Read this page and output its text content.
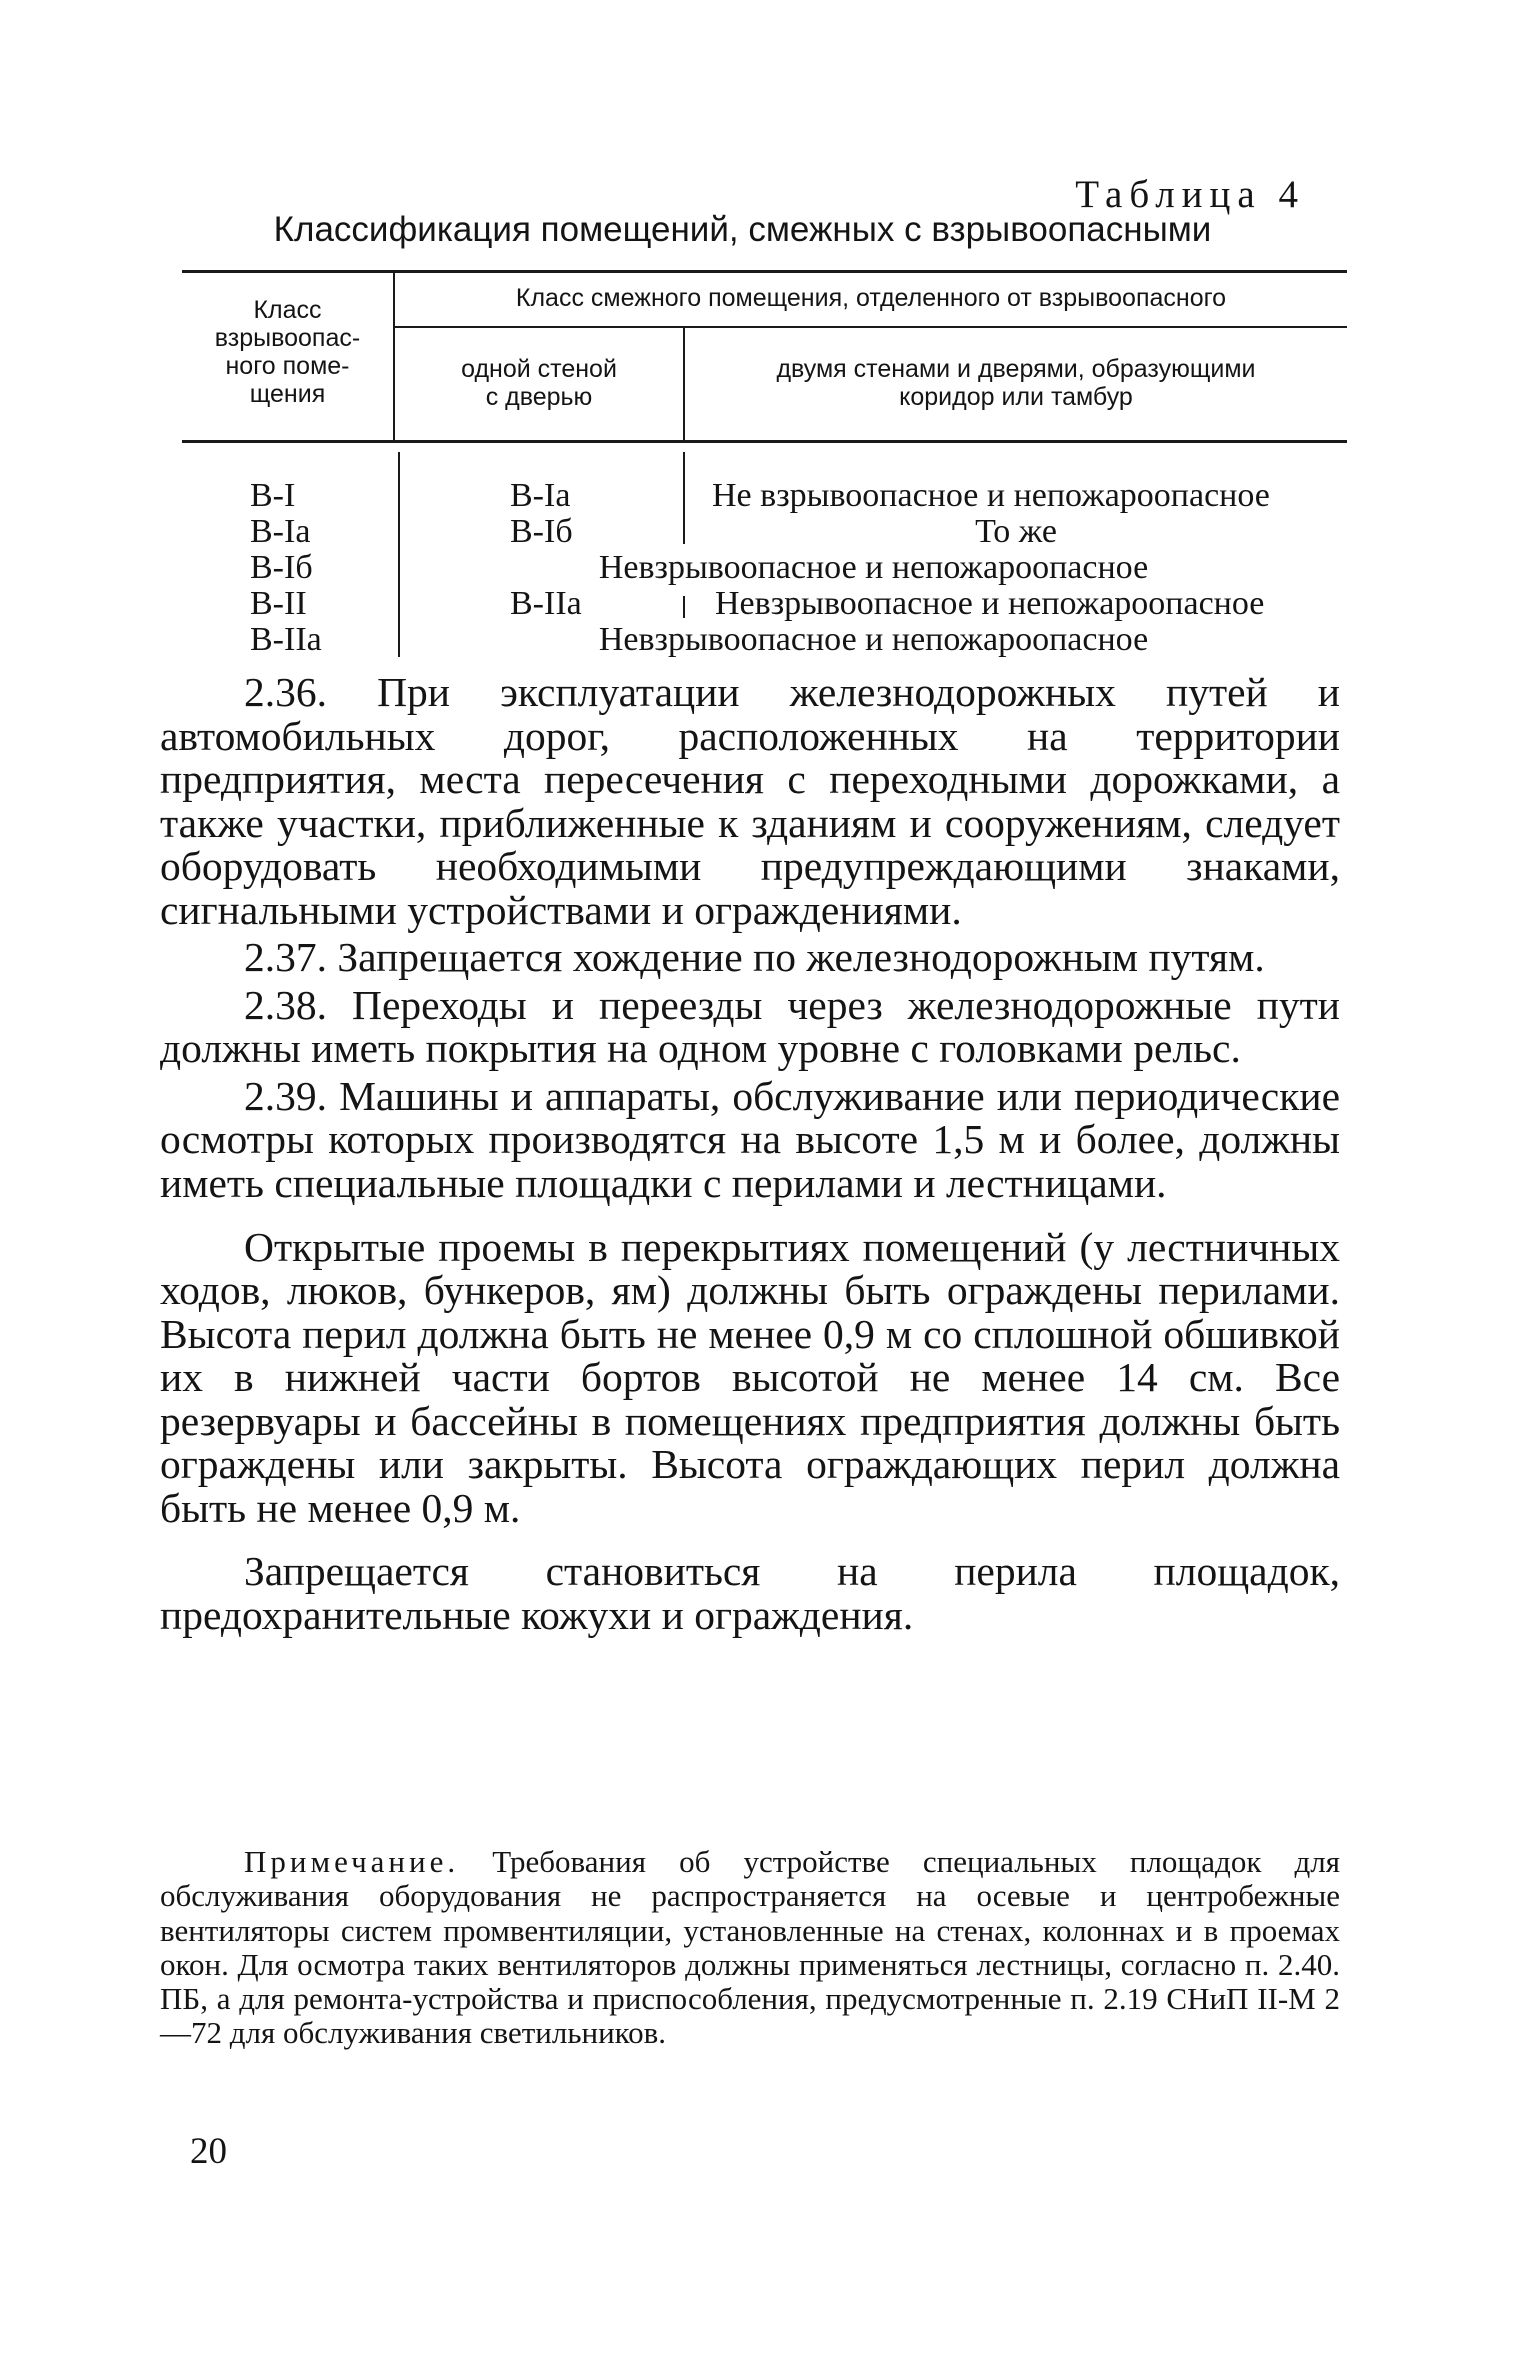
Таблица 4
Классификация помещений, смежных с взрывоопасными
Класс
взрывоопас-
ного поме-
щения
Класс смежного помещения, отделенного от взрывоопасного
одной стеной
с дверью
двумя стенами и дверями, образующими
коридор или тамбур
В-I
В-Iа
В-Iб
В-II
В-IIа
В-Iа
В-Iб
В-IIа
Не взрывоопасное и непожароопасное
То же
Невзрывоопасное и непожароопасное
Невзрывоопасное и непожароопасное
Невзрывоопасное и непожароопасное

2.36. При эксплуатации железнодорожных путей и автомобильных дорог, расположенных на территории предприятия, места пересечения с переходными дорожками, а также участки, приближенные к зданиям и сооружениям, следует оборудовать необходимыми предупреждающими знаками, сигнальными устройствами и ограждениями.

2.37. Запрещается хождение по железнодорожным путям.

2.38. Переходы и переезды через железнодорожные пути должны иметь покрытия на одном уровне с головками рельс.

2.39. Машины и аппараты, обслуживание или периодические осмотры которых производятся на высоте 1,5 м и более, должны иметь специальные площадки с перилами и лестницами.

Открытые проемы в перекрытиях помещений (у лестничных ходов, люков, бункеров, ям) должны быть ограждены перилами. Высота перил должна быть не менее 0,9 м со сплошной обшивкой их в нижней части бортов высотой не менее 14 см. Все резервуары и бассейны в помещениях предприятия должны быть ограждены или закрыты. Высота ограждающих перил должна быть не менее 0,9 м.

Запрещается становиться на перила площадок, предохранительные кожухи и ограждения.

Примечание. Требования об устройстве специальных площадок для обслуживания оборудования не распространяется на осевые и центробежные вентиляторы систем промвентиляции, установленные на стенах, колоннах и в проемах окон. Для осмотра таких вентиляторов должны применяться лестницы, согласно п. 2.40. ПБ, а для ремонта-устройства и приспособления, предусмотренные п. 2.19 СНиП II-М 2—72 для обслуживания светильников.

20
